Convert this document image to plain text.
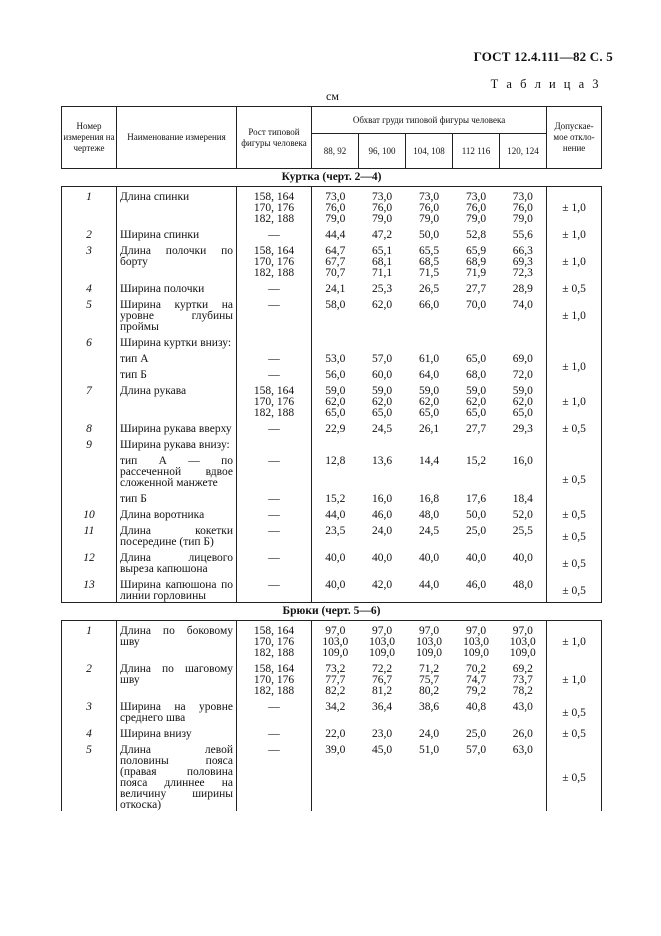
ГОСТ 12.4.111—82 С. 5
Т а б л и ц а 3
см
Номер измерения на чертеже	Наименование измерения	Рост типовой фигуры человека	Обхват груди типовой фигуры человека					Допускае-мое откло-нение
			88, 92	96, 100	104, 108	112 116	120, 124	
Куртка (черт. 2—4)								
1	Длина спинки	158, 164
170, 176
182, 188	73,0
76,0
79,0	73,0
76,0
79,0	73,0
76,0
79,0	73,0
76,0
79,0	73,0
76,0
79,0	± 1,0
2	Ширина спинки	—	44,4	47,2	50,0	52,8	55,6	± 1,0
3	Длина полочки по борту	158, 164
170, 176
182, 188	64,7
67,7
70,7	65,1
68,1
71,1	65,5
68,5
71,5	65,9
68,9
71,9	66,3
69,3
72,3	± 1,0
4	Ширина полочки	—	24,1	25,3	26,5	27,7	28,9	± 0,5
5	Ширина куртки на уровне глубины проймы	—	58,0	62,0	66,0	70,0	74,0	± 1,0
6	Ширина куртки внизу:	

	тип А	—	53,0	57,0	61,0	65,0	69,0	± 1,0
	тип Б	—	56,0	60,0	64,0	68,0	72,0	

7	Длина рукава	158, 164
170, 176
182, 188	59,0
62,0
65,0	59,0
62,0
65,0	59,0
62,0
65,0	59,0
62,0
65,0	59,0
62,0
65,0	± 1,0
8	Ширина рукава вверху	—	22,9	24,5	26,1	27,7	29,3	± 0,5
9	Ширина рукава внизу:	

	тип А — по рассеченной вдвое сложенной манжете	—	12,8	13,6	14,4	15,2	16,0	± 0,5
	тип Б	—	15,2	16,0	16,8	17,6	18,4	

10	Длина воротника	—	44,0	46,0	48,0	50,0	52,0	± 0,5
11	Длина кокетки посередине (тип Б)	—	23,5	24,0	24,5	25,0	25,5	± 0,5
12	Длина лицевого выреза капюшона	—	40,0	40,0	40,0	40,0	40,0	± 0,5
13	Ширина капюшона по линии горловины	—	40,0	42,0	44,0	46,0	48,0	± 0,5
Брюки (черт. 5—6)								
1	Длина по боковому шву	158, 164
170, 176
182, 188	97,0
103,0
109,0	97,0
103,0
109,0	97,0
103,0
109,0	97,0
103,0
109,0	97,0
103,0
109,0	± 1,0
2	Длина по шаговому шву	158, 164
170, 176
182, 188	73,2
77,7
82,2	72,2
76,7
81,2	71,2
75,7
80,2	70,2
74,7
79,2	69,2
73,7
78,2	± 1,0
3	Ширина на уровне среднего шва	—	34,2	36,4	38,6	40,8	43,0	± 0,5
4	Ширина внизу	—	22,0	23,0	24,0	25,0	26,0	± 0,5
5	Длина левой половины пояса (правая половина пояса длиннее на величину ширины откоска)	—	39,0	45,0	51,0	57,0	63,0	± 0,5
